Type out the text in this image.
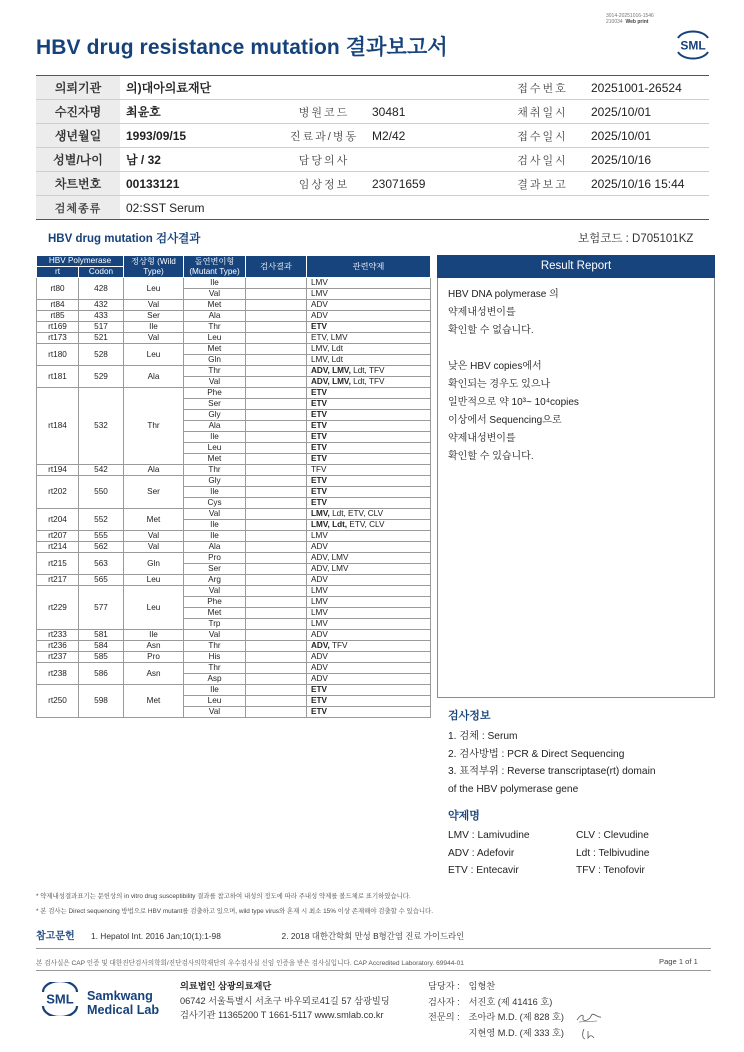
3014-20251016-1546
210034 Web print
HBV drug resistance mutation 결과보고서	SML
의뢰기관	의)대아의료재단			접수번호	20251001-26524
수진자명	최윤호	병원코드	30481	채취일시	2025/10/01
생년월일	1993/09/15	진료과/병동	M2/42	접수일시	2025/10/01
성별/나이	남 / 32	담당의사		검사일시	2025/10/16
차트번호	00133121	임상정보	23071659	결과보고	2025/10/16 15:44
검체종류	02:SST Serum				
HBV drug mutation 검사결과	보험코드 : D705101KZ
HBV Polymerase		정상형 (Wild Type)	돌연변이형 (Mutant Type)	검사결과	관련약제
rt	Codon				
rt80	428	Leu	Ile		LMV
			Val		LMV
rt84	432	Val	Met		ADV
rt85	433	Ser	Ala		ADV
rt169	517	Ile	Thr		ETV
rt173	521	Val	Leu		ETV, LMV
rt180	528	Leu	Met		LMV, Ldt
			Gln		LMV, Ldt
rt181	529	Ala	Thr		ADV, LMV, Ldt, TFV
			Val		ADV, LMV, Ldt, TFV
rt184	532	Thr	Phe		ETV
			Ser		ETV
			Gly		ETV
			Ala		ETV
			Ile		ETV
			Leu		ETV
			Met		ETV
rt194	542	Ala	Thr		TFV
rt202	550	Ser	Gly		ETV
			Ile		ETV
			Cys		ETV
rt204	552	Met	Val		LMV, Ldt, ETV, CLV
			Ile		LMV, Ldt, ETV, CLV
rt207	555	Val	Ile		LMV
rt214	562	Val	Ala		ADV
rt215	563	Gln	Pro		ADV, LMV
			Ser		ADV, LMV
rt217	565	Leu	Arg		ADV
rt229	577	Leu	Val		LMV
			Phe		LMV
			Met		LMV
			Trp		LMV
rt233	581	Ile	Val		ADV
rt236	584	Asn	Thr		ADV, TFV
rt237	585	Pro	His		ADV
rt238	586	Asn	Thr		ADV
			Asp		ADV
rt250	598	Met	Ile		ETV
			Leu		ETV
			Val		ETV
Result Report

HBV DNA polymerase 의

약제내성변이를

확인할 수 없습니다.

낮은 HBV copies에서

확인되는 경우도 있으나

일반적으로 약 10³~ 10⁴copies

이상에서 Sequencing으로

약제내성변이를

확인할 수 있습니다.

검사정보
1. 검체 : Serum
2. 검사방법 : PCR & Direct Sequencing
3. 표적부위 : Reverse transcriptase(rt) domain
of the HBV polymerase gene
약제명
LMV : Lamivudine	CLV : Clevudine
ADV : Adefovir	Ldt : Telbivudine
ETV : Entecavir	TFV : Tenofovir
* 약제내성결과표기는 문헌상의 in vitro drug susceptibility 결과를 참고하여 내성의 정도에 따라 주내성 약제를 볼드체로 표기하였습니다.
* 본 검사는 Direct sequencing 방법으로 HBV mutant를 검출하고 있으며, wild type virus와 혼재 시 최소 15% 이상 존재해야 검출할 수 있습니다.
참고문헌 1. Hepatol Int. 2016 Jan;10(1):1-98	2. 2018 대한간학회 만성 B형간염 진료 가이드라인
본 검사실은 CAP 인증 및 대한진단검사의학회/진단검사의학재단의 우수검사실 신임 인증을 받은 검사실입니다. CAP Accredited Laboratory. 69944-01	Page 1 of 1
SML Samkwang
Medical Lab
의료법인 삼광의료재단
06742 서울특별시 서초구 바우뫼로41길 57 삼광빌딩
검사기관 11365200 T 1661-5117 www.smlab.co.kr
담당자 : 임형찬
검사자 : 서진호 (제 41416 호)
전문의 : 조아라 M.D. (제 828 호)
지현영 M.D. (제 333 호)
